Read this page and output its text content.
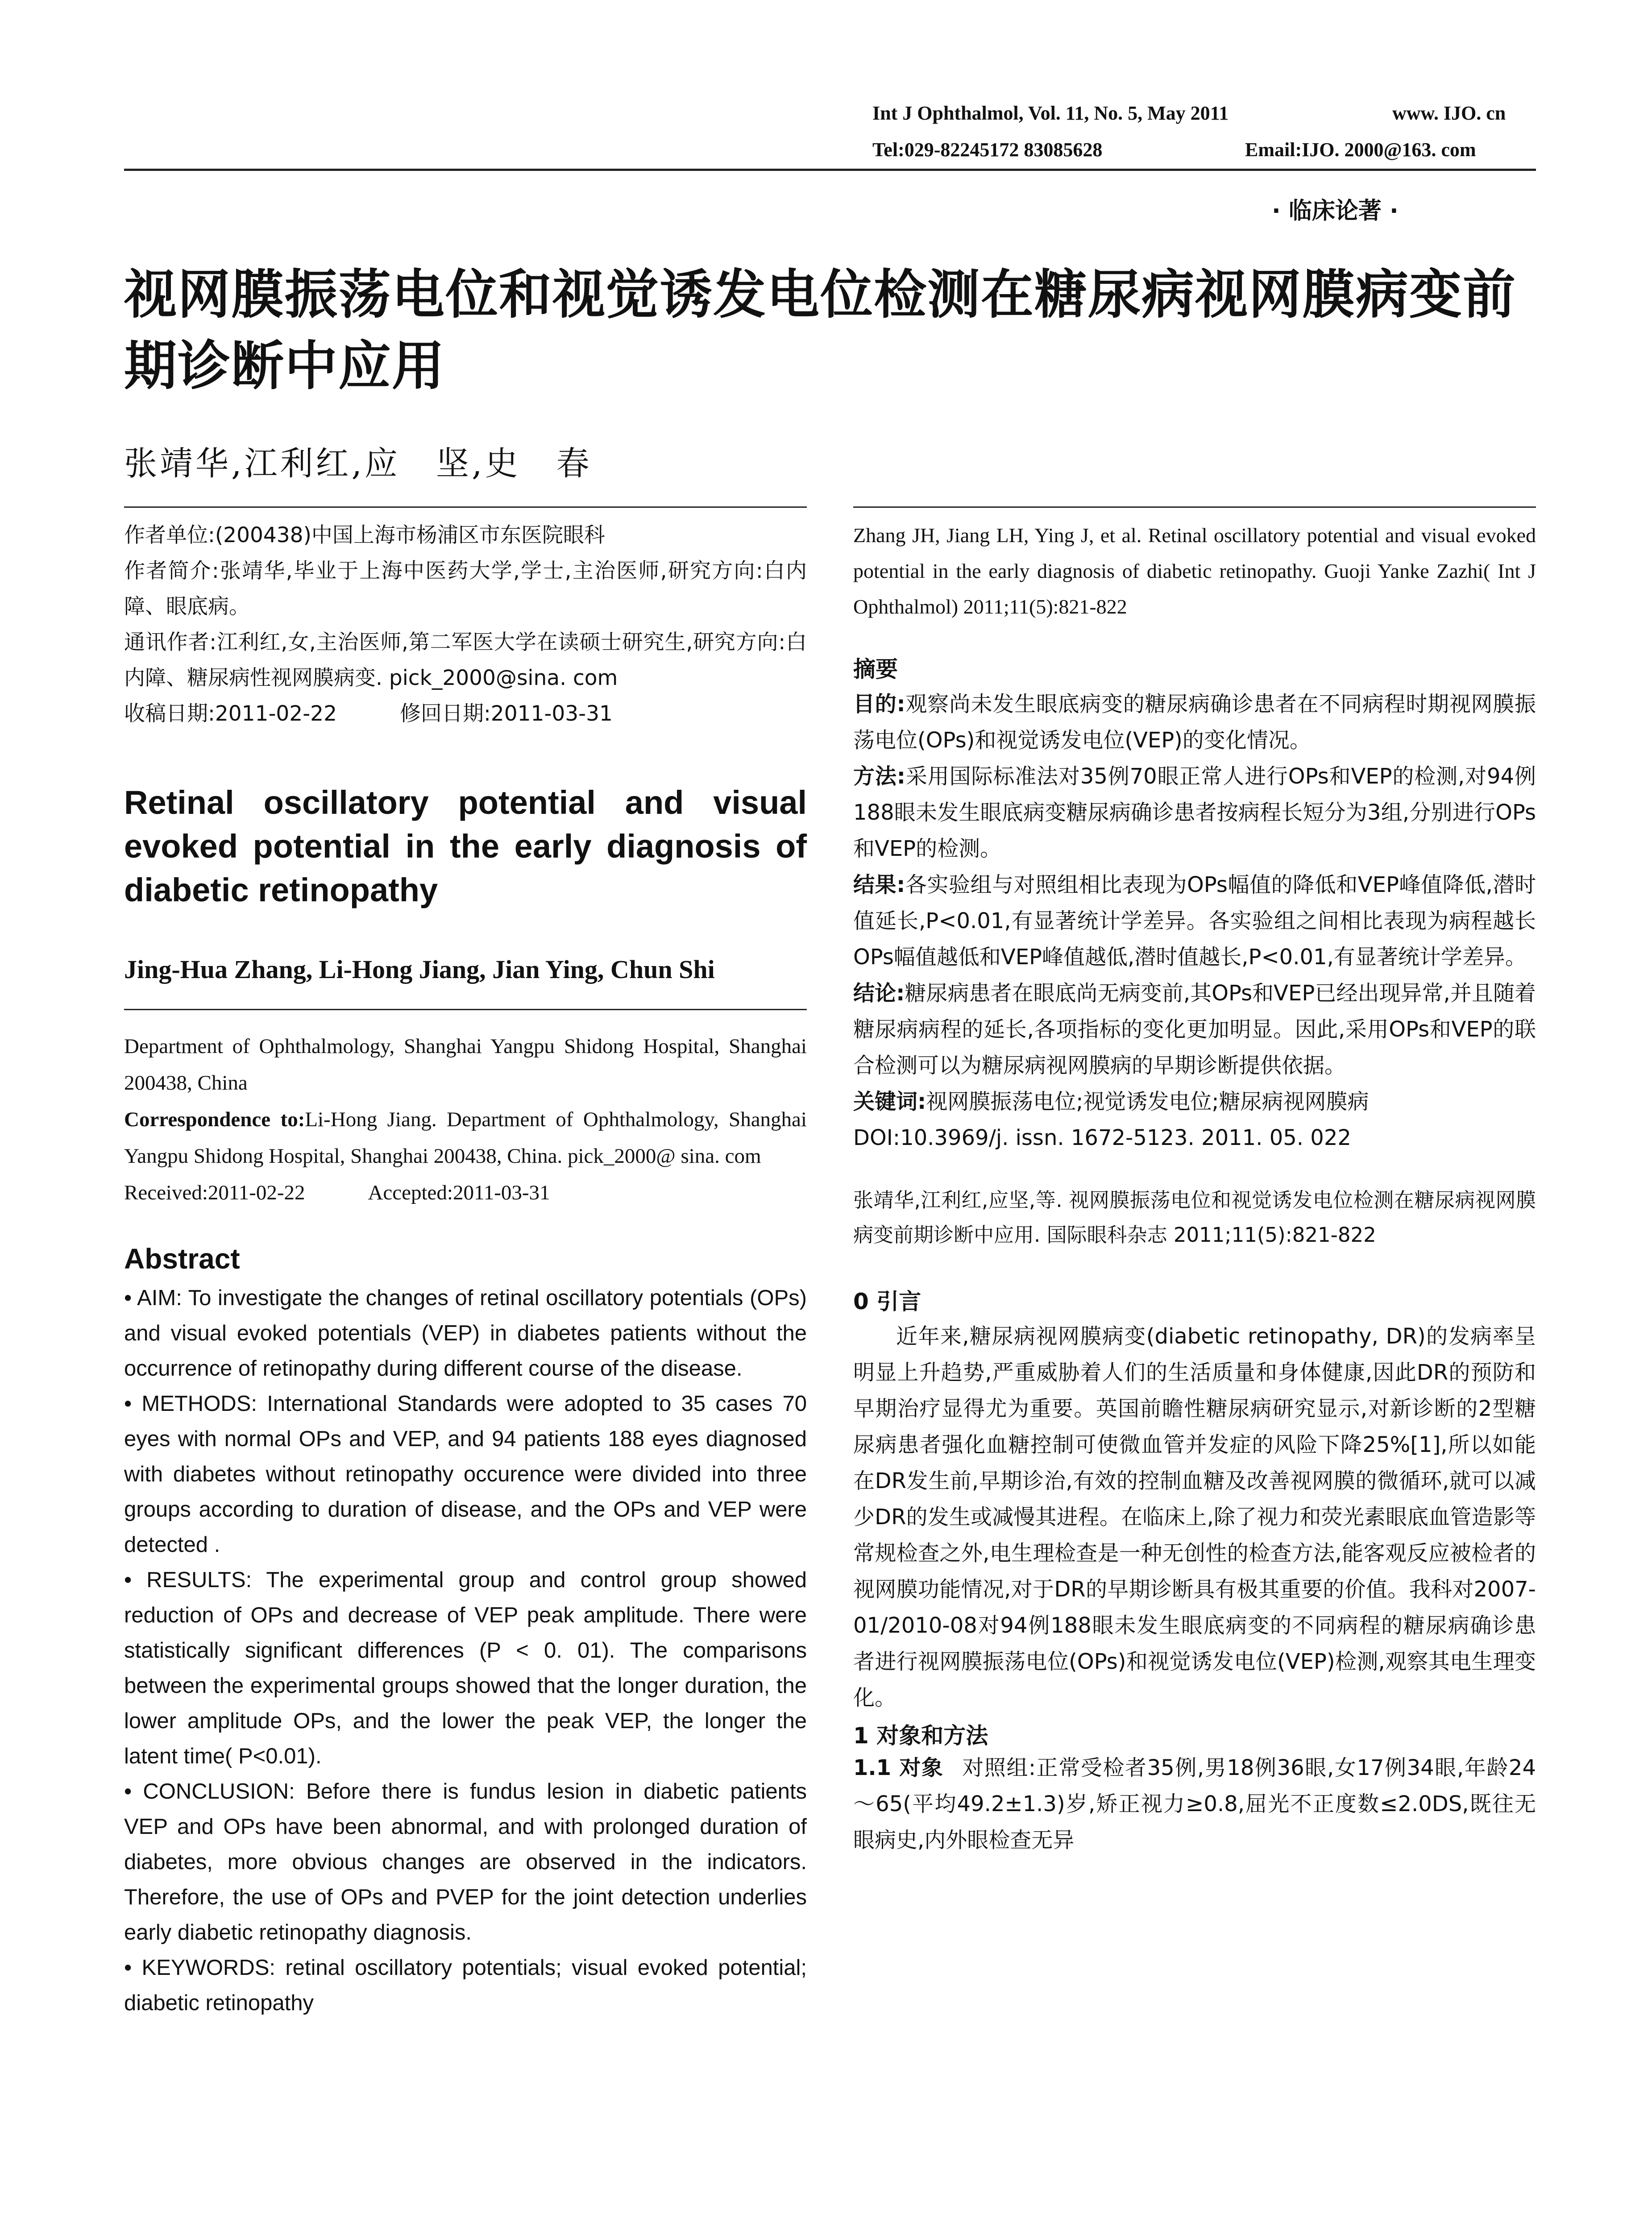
Int J Ophthalmol, Vol. 11, No. 5, May 2011	www. IJO. cn
Tel:029-82245172 83085628	Email:IJO. 2000@163. com
· 临床论著 ·
视网膜振荡电位和视觉诱发电位检测在糖尿病视网膜病变前期诊断中应用
张靖华,江利红,应　坚,史　春
作者单位:(200438)中国上海市杨浦区市东医院眼科
作者简介:张靖华,毕业于上海中医药大学,学士,主治医师,研究方向:白内障、眼底病。
通讯作者:江利红,女,主治医师,第二军医大学在读硕士研究生,研究方向:白内障、糖尿病性视网膜病变. pick_2000@sina. com
收稿日期:2011-02-22　　　修回日期:2011-03-31
Retinal oscillatory potential and visual
evoked potential in the early diagnosis of
diabetic retinopathy
Jing-Hua Zhang, Li-Hong Jiang, Jian Ying, Chun Shi
Department of Ophthalmology, Shanghai Yangpu Shidong Hospital, Shanghai 200438, China
Correspondence to:Li-Hong Jiang. Department of Ophthalmology, Shanghai Yangpu Shidong Hospital, Shanghai 200438, China. pick_2000@ sina. com
Received:2011-02-22　　　Accepted:2011-03-31
Abstract
• AIM: To investigate the changes of retinal oscillatory potentials (OPs) and visual evoked potentials (VEP) in diabetes patients without the occurrence of retinopathy during different course of the disease.
• METHODS: International Standards were adopted to 35 cases 70 eyes with normal OPs and VEP, and 94 patients 188 eyes diagnosed with diabetes without retinopathy occurence were divided into three groups according to duration of disease, and the OPs and VEP were detected .
• RESULTS: The experimental group and control group showed reduction of OPs and decrease of VEP peak amplitude. There were statistically significant differences (P < 0. 01). The comparisons between the experimental groups showed that the longer duration, the lower amplitude OPs, and the lower the peak VEP, the longer the latent time( P<0.01).
• CONCLUSION: Before there is fundus lesion in diabetic patients VEP and OPs have been abnormal, and with prolonged duration of diabetes, more obvious changes are observed in the indicators. Therefore, the use of OPs and PVEP for the joint detection underlies early diabetic retinopathy diagnosis.
• KEYWORDS: retinal oscillatory potentials; visual evoked potential; diabetic retinopathy
Zhang JH, Jiang LH, Ying J, et al. Retinal oscillatory potential and visual evoked potential in the early diagnosis of diabetic retinopathy. Guoji Yanke Zazhi( Int J Ophthalmol) 2011;11(5):821-822
摘要
目的:观察尚未发生眼底病变的糖尿病确诊患者在不同病程时期视网膜振荡电位(OPs)和视觉诱发电位(VEP)的变化情况。
方法:采用国际标准法对35例70眼正常人进行OPs和VEP的检测,对94例188眼未发生眼底病变糖尿病确诊患者按病程长短分为3组,分别进行OPs和VEP的检测。
结果:各实验组与对照组相比表现为OPs幅值的降低和VEP峰值降低,潜时值延长,P<0.01,有显著统计学差异。各实验组之间相比表现为病程越长OPs幅值越低和VEP峰值越低,潜时值越长,P<0.01,有显著统计学差异。
结论:糖尿病患者在眼底尚无病变前,其OPs和VEP已经出现异常,并且随着糖尿病病程的延长,各项指标的变化更加明显。因此,采用OPs和VEP的联合检测可以为糖尿病视网膜病的早期诊断提供依据。
关键词:视网膜振荡电位;视觉诱发电位;糖尿病视网膜病
DOI:10.3969/j. issn. 1672-5123. 2011. 05. 022
张靖华,江利红,应坚,等. 视网膜振荡电位和视觉诱发电位检测在糖尿病视网膜病变前期诊断中应用. 国际眼科杂志 2011;11(5):821-822
0 引言
近年来,糖尿病视网膜病变(diabetic retinopathy, DR)的发病率呈明显上升趋势,严重威胁着人们的生活质量和身体健康,因此DR的预防和早期治疗显得尤为重要。英国前瞻性糖尿病研究显示,对新诊断的2型糖尿病患者强化血糖控制可使微血管并发症的风险下降25%[1],所以如能在DR发生前,早期诊治,有效的控制血糖及改善视网膜的微循环,就可以减少DR的发生或减慢其进程。在临床上,除了视力和荧光素眼底血管造影等常规检查之外,电生理检查是一种无创性的检查方法,能客观反应被检者的视网膜功能情况,对于DR的早期诊断具有极其重要的价值。我科对2007-01/2010-08对94例188眼未发生眼底病变的不同病程的糖尿病确诊患者进行视网膜振荡电位(OPs)和视觉诱发电位(VEP)检测,观察其电生理变化。
1 对象和方法
1.1 对象 对照组:正常受检者35例,男18例36眼,女17例34眼,年龄24～65(平均49.2±1.3)岁,矫正视力≥0.8,屈光不正度数≤2.0DS,既往无眼病史,内外眼检查无异
